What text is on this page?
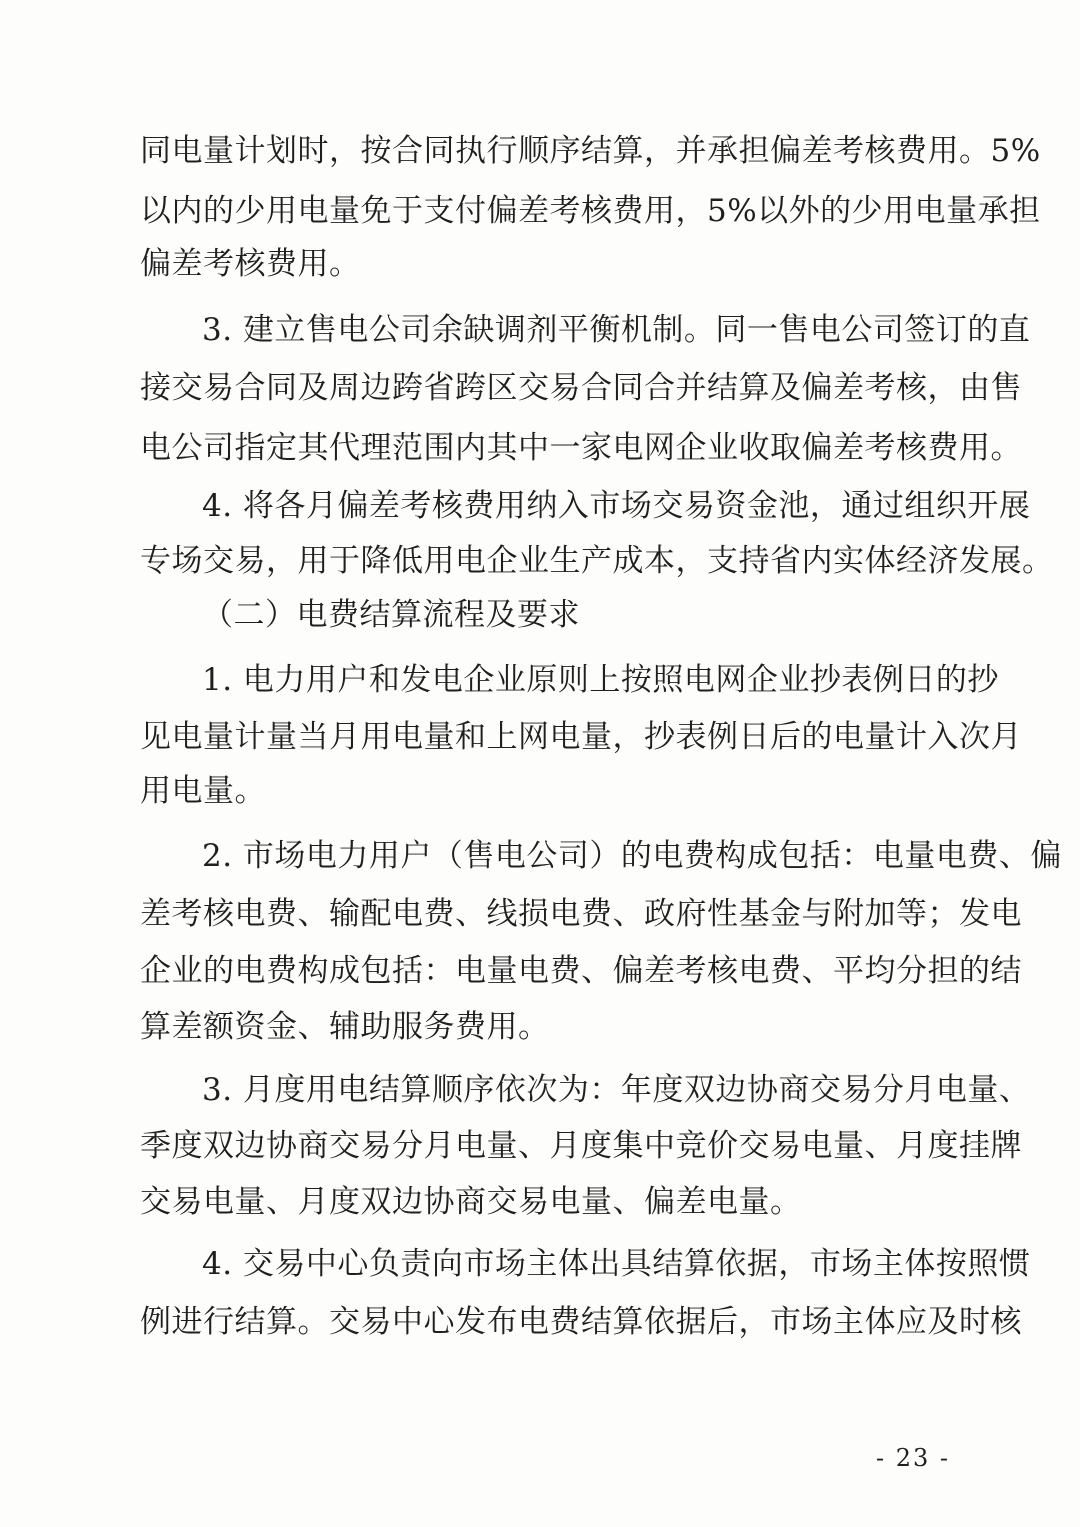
同电量计划时，按合同执行顺序结算，并承担偏差考核费用。5%
以内的少用电量免于支付偏差考核费用，5%以外的少用电量承担
偏差考核费用。
3. 建立售电公司余缺调剂平衡机制。同一售电公司签订的直
接交易合同及周边跨省跨区交易合同合并结算及偏差考核，由售
电公司指定其代理范围内其中一家电网企业收取偏差考核费用。
4. 将各月偏差考核费用纳入市场交易资金池，通过组织开展
专场交易，用于降低用电企业生产成本，支持省内实体经济发展。
（二）电费结算流程及要求
1. 电力用户和发电企业原则上按照电网企业抄表例日的抄
见电量计量当月用电量和上网电量，抄表例日后的电量计入次月
用电量。
2. 市场电力用户（售电公司）的电费构成包括：电量电费、偏
差考核电费、输配电费、线损电费、政府性基金与附加等；发电
企业的电费构成包括：电量电费、偏差考核电费、平均分担的结
算差额资金、辅助服务费用。
3. 月度用电结算顺序依次为：年度双边协商交易分月电量、
季度双边协商交易分月电量、月度集中竞价交易电量、月度挂牌
交易电量、月度双边协商交易电量、偏差电量。
4. 交易中心负责向市场主体出具结算依据，市场主体按照惯
例进行结算。交易中心发布电费结算依据后，市场主体应及时核
- 23 -
